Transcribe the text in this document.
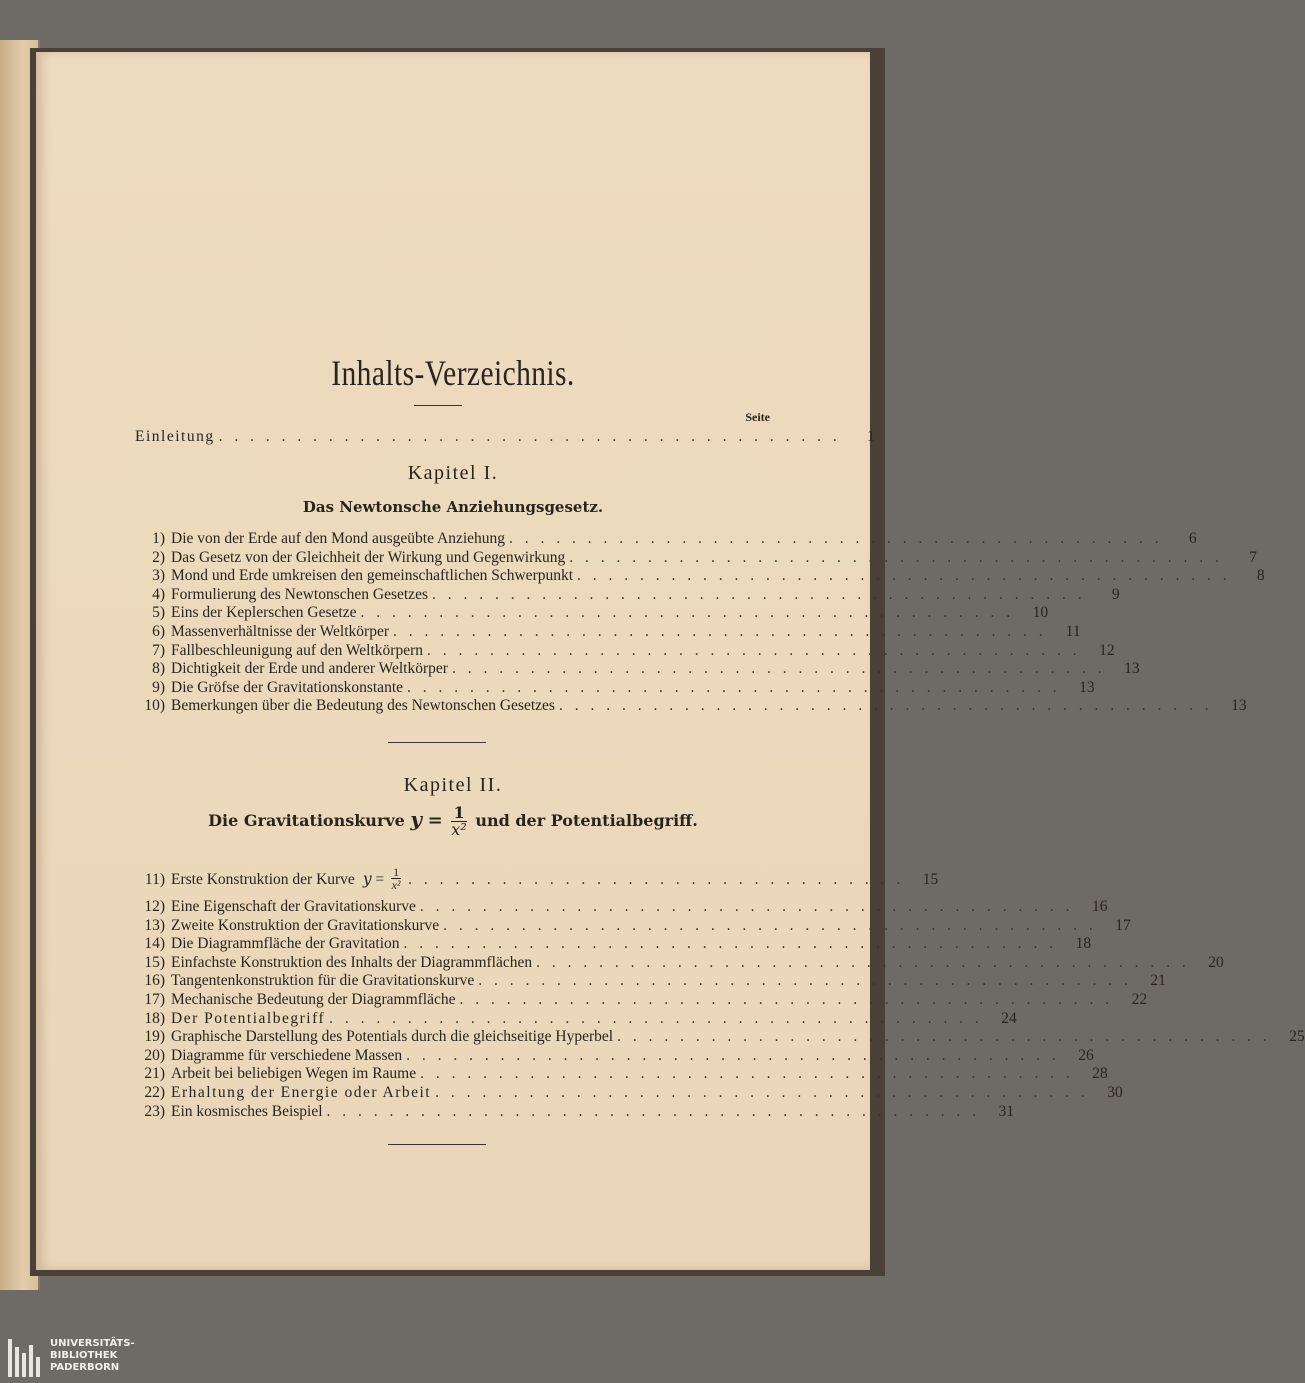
Inhalts-Verzeichnis.
Seite
Einleitung . . . . . . . . . . . . . . . . . . . . . . . . . . . . . . . . . . . . . . . .	1
Kapitel I.
Das Newtonsche Anziehungsgesetz.
1) Die von der Erde auf den Mond ausgeübte Anziehung . . . . . . . . . . . . . . . . . . . . . . . . . . . . . . . . . . . . . . . . . .	6
2) Das Gesetz von der Gleichheit der Wirkung und Gegenwirkung . . . . . . . . . . . . . . . . . . . . . . . . . . . . . . . . . . . . . . . . . .	7
3) Mond und Erde umkreisen den gemeinschaftlichen Schwerpunkt . . . . . . . . . . . . . . . . . . . . . . . . . . . . . . . . . . . . . . . . . .	8
4) Formulierung des Newtonschen Gesetzes . . . . . . . . . . . . . . . . . . . . . . . . . . . . . . . . . . . . . . . . . .	9
5) Eins der Keplerschen Gesetze . . . . . . . . . . . . . . . . . . . . . . . . . . . . . . . . . . . . . . . . . .	10
6) Massenverhältnisse der Weltkörper . . . . . . . . . . . . . . . . . . . . . . . . . . . . . . . . . . . . . . . . . .	11
7) Fallbeschleunigung auf den Weltkörpern . . . . . . . . . . . . . . . . . . . . . . . . . . . . . . . . . . . . . . . . . .	12
8) Dichtigkeit der Erde und anderer Weltkörper . . . . . . . . . . . . . . . . . . . . . . . . . . . . . . . . . . . . . . . . . .	13
9) Die Gröfse der Gravitationskonstante . . . . . . . . . . . . . . . . . . . . . . . . . . . . . . . . . . . . . . . . . .	13
10) Bemerkungen über die Bedeutung des Newtonschen Gesetzes . . . . . . . . . . . . . . . . . . . . . . . . . . . . . . . . . . . . . . . . . .	13
Kapitel II.
Die Gravitationskurve $y = \frac{1}{\text{x²}}$ und der Potentialbegriff.
11) Erste Konstruktion der Kurve $y = \frac{1}{\text{x²}}$ . . . . . . . . . . . . . . . . . . . . . . . . . . . . . . . .	15
12) Eine Eigenschaft der Gravitationskurve . . . . . . . . . . . . . . . . . . . . . . . . . . . . . . . . . . . . . . . . . .	16
13) Zweite Konstruktion der Gravitationskurve . . . . . . . . . . . . . . . . . . . . . . . . . . . . . . . . . . . . . . . . . .	17
14) Die Diagrammfläche der Gravitation . . . . . . . . . . . . . . . . . . . . . . . . . . . . . . . . . . . . . . . . . .	18
15) Einfachste Konstruktion des Inhalts der Diagrammflächen . . . . . . . . . . . . . . . . . . . . . . . . . . . . . . . . . . . . . . . . . .	20
16) Tangentenkonstruktion für die Gravitationskurve . . . . . . . . . . . . . . . . . . . . . . . . . . . . . . . . . . . . . . . . . .	21
17) Mechanische Bedeutung der Diagrammfläche . . . . . . . . . . . . . . . . . . . . . . . . . . . . . . . . . . . . . . . . . .	22
18) Der Potentialbegriff . . . . . . . . . . . . . . . . . . . . . . . . . . . . . . . . . . . . . . . . . .	24
19) Graphische Darstellung des Potentials durch die gleichseitige Hyperbel . . . . . . . . . . . . . . . . . . . . . . . . . . . . . . . . . . . . . . . . . .	25
20) Diagramme für verschiedene Massen . . . . . . . . . . . . . . . . . . . . . . . . . . . . . . . . . . . . . . . . . .	26
21) Arbeit bei beliebigen Wegen im Raume . . . . . . . . . . . . . . . . . . . . . . . . . . . . . . . . . . . . . . . . . .	28
22) Erhaltung der Energie oder Arbeit . . . . . . . . . . . . . . . . . . . . . . . . . . . . . . . . . . . . . . . . . .	30
23) Ein kosmisches Beispiel . . . . . . . . . . . . . . . . . . . . . . . . . . . . . . . . . . . . . . . . . .	31
UNIVERSITÄTS-
BIBLIOTHEK
PADERBORN
